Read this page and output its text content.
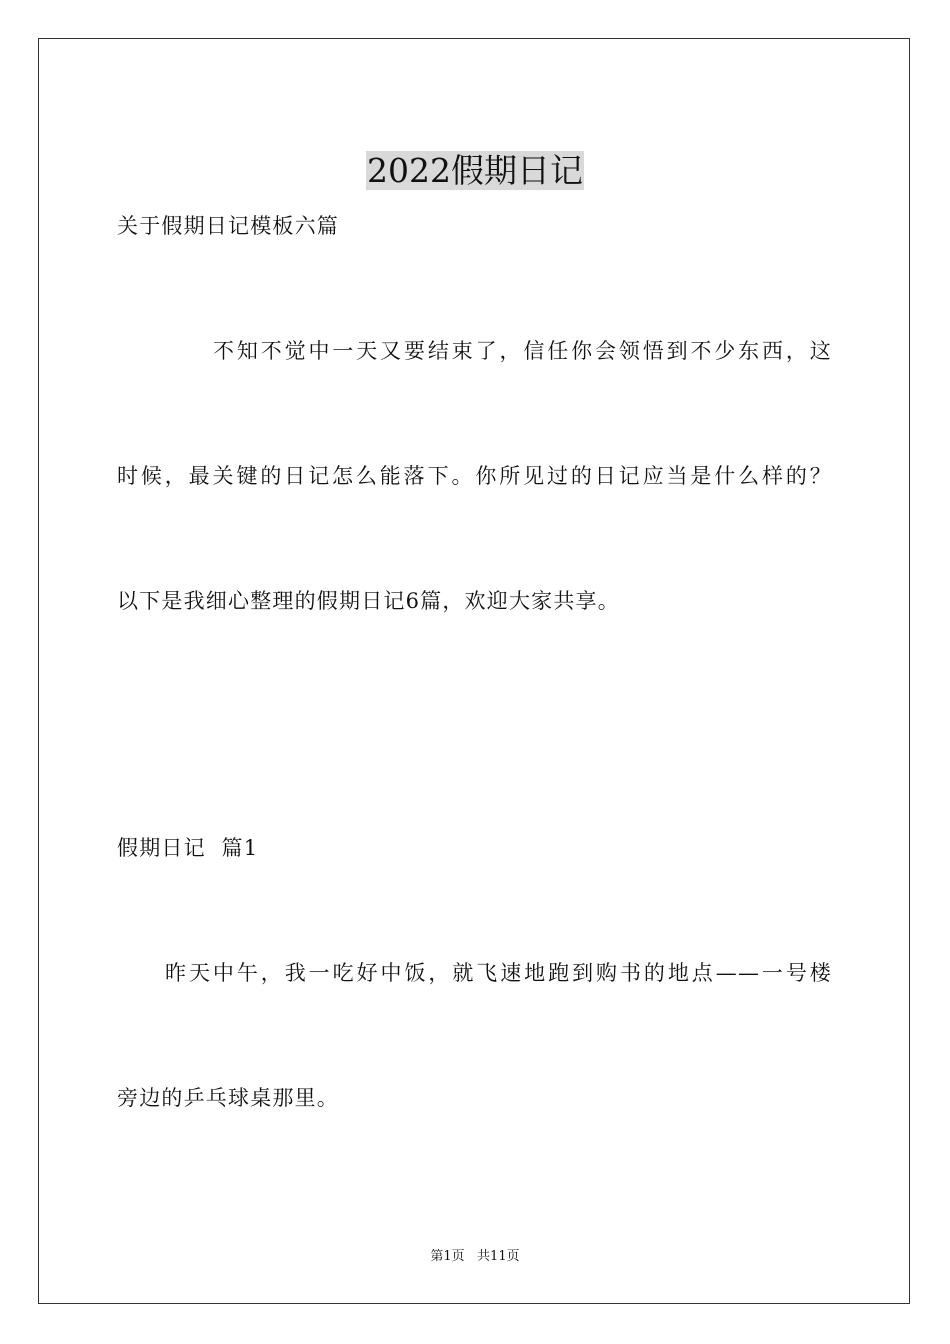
2022假期日记
关于假期日记模板六篇
不知不觉中一天又要结束了，信任你会领悟到不少东西，这
时候，最关键的日记怎么能落下。你所见过的日记应当是什么样的？
以下是我细心整理的假期日记6篇，欢迎大家共享。
假期日记  篇1
昨天中午，我一吃好中饭，就飞速地跑到购书的地点——一号楼
旁边的乒乓球桌那里。
第1页   共11页
